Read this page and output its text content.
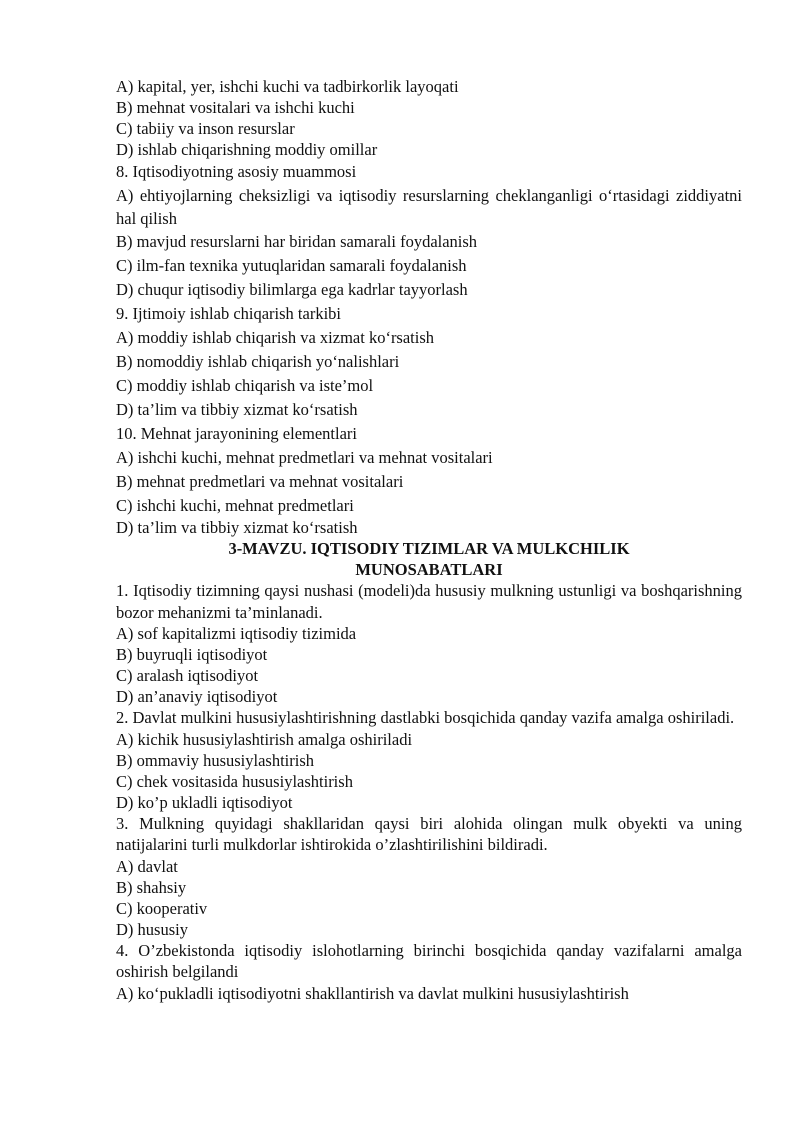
A) kapital, yer, ishchi kuchi va tadbirkorlik layoqati

B) mehnat vositalari va ishchi kuchi

C) tabiiy va inson resurslar

D) ishlab chiqarishning moddiy omillar

8. Iqtisodiyotning asosiy muammosi

A) ehtiyojlarning cheksizligi va iqtisodiy resurslarning cheklanganligi o‘rtasidagi ziddiyatni hal qilish

B) mavjud resurslarni har biridan samarali foydalanish

C) ilm-fan texnika yutuqlaridan samarali foydalanish

D) chuqur iqtisodiy bilimlarga ega kadrlar tayyorlash

9. Ijtimoiy ishlab chiqarish tarkibi

A) moddiy ishlab chiqarish va xizmat ko‘rsatish

B) nomoddiy ishlab chiqarish yo‘nalishlari

C) moddiy ishlab chiqarish va iste’mol

D) ta’lim va tibbiy xizmat ko‘rsatish

10. Mehnat jarayonining elementlari

A) ishchi kuchi, mehnat predmetlari va mehnat vositalari

B) mehnat predmetlari va mehnat vositalari

C) ishchi kuchi, mehnat predmetlari

D) ta’lim va tibbiy xizmat ko‘rsatish

3-MAVZU. IQTISODIY TIZIMLAR VA MULKCHILIK
MUNOSABATLARI

1. Iqtisodiy tizimning qaysi nushasi (modeli)da hususiy mulkning ustunligi va boshqarishning bozor mehanizmi ta’minlanadi.

A) sof kapitalizmi iqtisodiy tizimida

B) buyruqli iqtisodiyot

C) aralash iqtisodiyot

D) an’anaviy iqtisodiyot

2. Davlat mulkini hususiylashtirishning dastlabki bosqichida qanday vazifa amalga oshiriladi.

A) kichik hususiylashtirish amalga oshiriladi

B) ommaviy hususiylashtirish

C) chek vositasida hususiylashtirish

D) ko’p ukladli iqtisodiyot

3. Mulkning quyidagi shakllaridan qaysi biri alohida olingan mulk obyekti va uning natijalarini turli mulkdorlar ishtirokida o’zlashtirilishini bildiradi.

A) davlat

B) shahsiy

C) kooperativ

D) hususiy

4. O’zbekistonda iqtisodiy islohotlarning birinchi bosqichida qanday vazifalarni amalga oshirish belgilandi

A) ko‘pukladli iqtisodiyotni shakllantirish va davlat mulkini hususiylashtirish
